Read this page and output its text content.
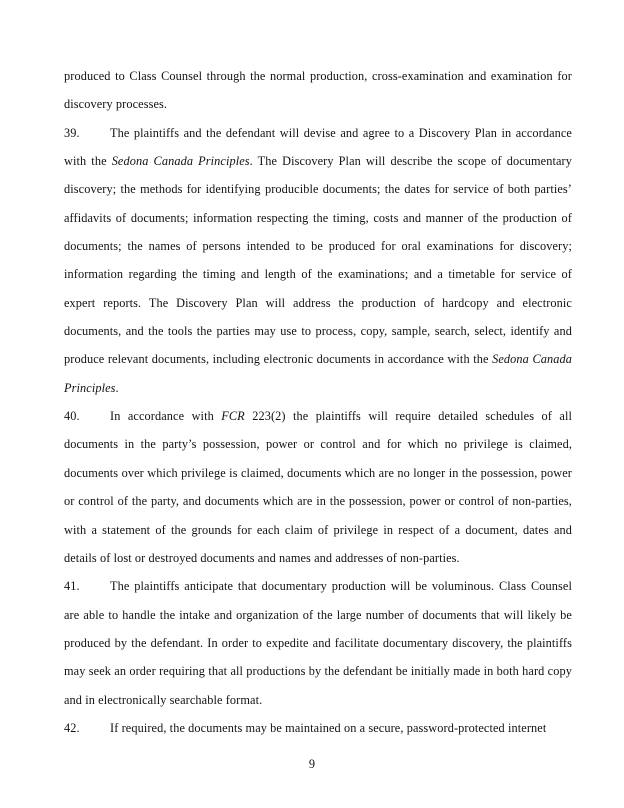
produced to Class Counsel through the normal production, cross-examination and examination for discovery processes.
39. The plaintiffs and the defendant will devise and agree to a Discovery Plan in accordance with the Sedona Canada Principles. The Discovery Plan will describe the scope of documentary discovery; the methods for identifying producible documents; the dates for service of both parties’ affidavits of documents; information respecting the timing, costs and manner of the production of documents; the names of persons intended to be produced for oral examinations for discovery; information regarding the timing and length of the examinations; and a timetable for service of expert reports. The Discovery Plan will address the production of hardcopy and electronic documents, and the tools the parties may use to process, copy, sample, search, select, identify and produce relevant documents, including electronic documents in accordance with the Sedona Canada Principles.
40. In accordance with FCR 223(2) the plaintiffs will require detailed schedules of all documents in the party’s possession, power or control and for which no privilege is claimed, documents over which privilege is claimed, documents which are no longer in the possession, power or control of the party, and documents which are in the possession, power or control of non-parties, with a statement of the grounds for each claim of privilege in respect of a document, dates and details of lost or destroyed documents and names and addresses of non-parties.
41. The plaintiffs anticipate that documentary production will be voluminous. Class Counsel are able to handle the intake and organization of the large number of documents that will likely be produced by the defendant. In order to expedite and facilitate documentary discovery, the plaintiffs may seek an order requiring that all productions by the defendant be initially made in both hard copy and in electronically searchable format.
42. If required, the documents may be maintained on a secure, password-protected internet
9
